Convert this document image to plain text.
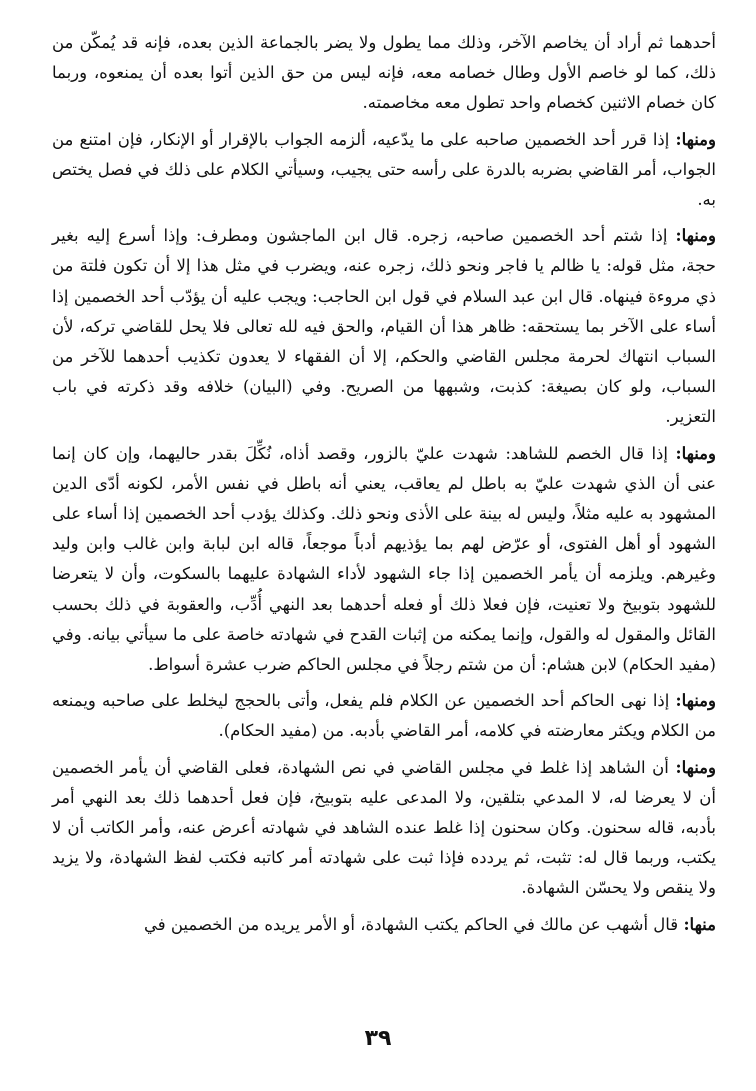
أحدهما ثم أراد أن يخاصم الآخر، وذلك مما يطول ولا يضر بالجماعة الذين بعده، فإنه قد يُمكّن من ذلك، كما لو خاصم الأول وطال خصامه معه، فإنه ليس من حق الذين أتوا بعده أن يمنعوه، وربما كان خصام الاثنين كخصام واحد تطول معه مخاصمته.

ومنها: إذا قرر أحد الخصمين صاحبه على ما يدّعيه، ألزمه الجواب بالإقرار أو الإنكار، فإن امتنع من الجواب، أمر القاضي بضربه بالدرة على رأسه حتى يجيب، وسيأتي الكلام على ذلك في فصل يختص به.

ومنها: إذا شتم أحد الخصمين صاحبه، زجره. قال ابن الماجشون ومطرف: وإذا أسرع إليه بغير حجة، مثل قوله: يا ظالم يا فاجر ونحو ذلك، زجره عنه، ويضرب في مثل هذا إلا أن تكون فلتة من ذي مروءة فينهاه. قال ابن عبد السلام في قول ابن الحاجب: ويجب عليه أن يؤدّب أحد الخصمين إذا أساء على الآخر بما يستحقه: ظاهر هذا أن القيام، والحق فيه لله تعالى فلا يحل للقاضي تركه، لأن السباب انتهاك لحرمة مجلس القاضي والحكم، إلا أن الفقهاء لا يعدون تكذيب أحدهما للآخر من السباب، ولو كان بصيغة: كذبت، وشبهها من الصريح. وفي (البيان) خلافه وقد ذكرته في باب التعزير.

ومنها: إذا قال الخصم للشاهد: شهدت عليّ بالزور، وقصد أذاه، نُكِّلَ بقدر حاليهما، وإن كان إنما عنى أن الذي شهدت عليّ به باطل لم يعاقب، يعني أنه باطل في نفس الأمر، لكونه أدّى الدين المشهود به عليه مثلاً، وليس له بينة على الأذى ونحو ذلك. وكذلك يؤدب أحد الخصمين إذا أساء على الشهود أو أهل الفتوى، أو عرّض لهم بما يؤذيهم أدباً موجعاً، قاله ابن لبابة وابن غالب وابن وليد وغيرهم. ويلزمه أن يأمر الخصمين إذا جاء الشهود لأداء الشهادة عليهما بالسكوت، وأن لا يتعرضا للشهود بتوبيخ ولا تعنيت، فإن فعلا ذلك أو فعله أحدهما بعد النهي أُدِّب، والعقوبة في ذلك بحسب القائل والمقول له والقول، وإنما يمكنه من إثبات القدح في شهادته خاصة على ما سيأتي بيانه. وفي (مفيد الحكام) لابن هشام: أن من شتم رجلاً في مجلس الحاكم ضرب عشرة أسواط.

ومنها: إذا نهى الحاكم أحد الخصمين عن الكلام فلم يفعل، وأتى بالحجج ليخلط على صاحبه ويمنعه من الكلام ويكثر معارضته في كلامه، أمر القاضي بأدبه. من (مفيد الحكام).

ومنها: أن الشاهد إذا غلط في مجلس القاضي في نص الشهادة، فعلى القاضي أن يأمر الخصمين أن لا يعرضا له، لا المدعي بتلقين، ولا المدعى عليه بتوبيخ، فإن فعل أحدهما ذلك بعد النهي أمر بأدبه، قاله سحنون. وكان سحنون إذا غلط عنده الشاهد في شهادته أعرض عنه، وأمر الكاتب أن لا يكتب، وربما قال له: تثبت، ثم يردده فإذا ثبت على شهادته أمر كاتبه فكتب لفظ الشهادة، ولا يزيد ولا ينقص ولا يحسّن الشهادة.

منها: قال أشهب عن مالك في الحاكم يكتب الشهادة، أو الأمر يريده من الخصمين في

٣٩
